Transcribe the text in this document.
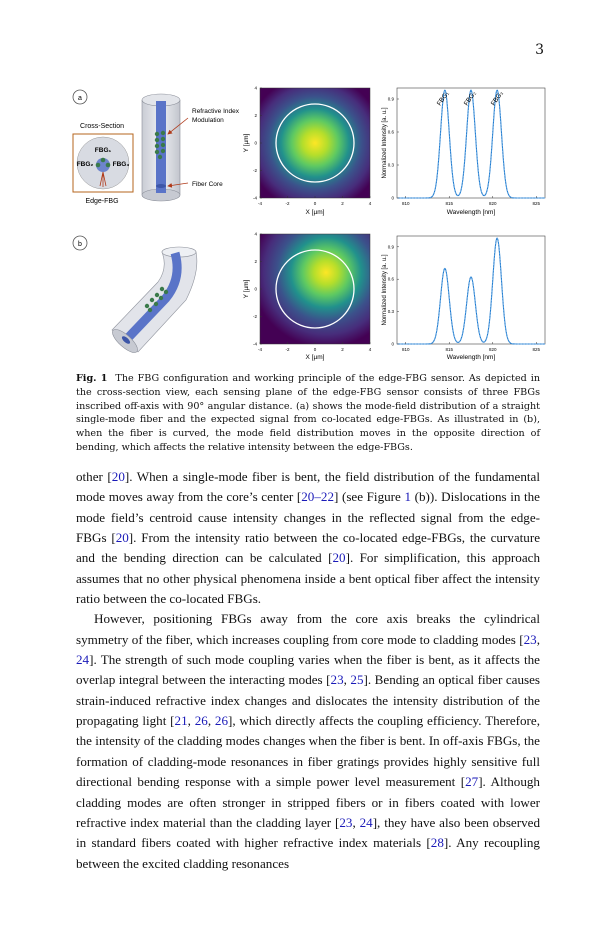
3
a
Cross-Section
FBG₁
FBG₂	FBG₃
Edge-FBG
Refractive Index
Modulation
Fiber Core
-4	-2	0	2	4
4
2
0
-2
-4
X [µm]
Y [µm]
810	815	820	825
0.9
0.6
0.3
0
Wavelength [nm]
Normalized Intensity [a. u.]
FBG₁ FBG₂ FBG₃
b
-4	-2	0	2	4
4
2
0
-2
-4
X [µm]
Y [µm]
810	815	820	825
0.9
0.6
0.3
0
Wavelength [nm]
Normalized Intensity [a. u.]
Fig. 1 The FBG configuration and working principle of the edge-FBG sensor. As depicted in the cross-section view, each sensing plane of the edge-FBG sensor consists of three FBGs inscribed off-axis with 90° angular distance. (a) shows the mode-field distribution of a straight single-mode fiber and the expected signal from co-located edge-FBGs. As illustrated in (b), when the fiber is curved, the mode field distribution moves in the opposite direction of bending, which affects the relative intensity between the edge-FBGs.

other [20]. When a single-mode fiber is bent, the field distribution of the fundamental mode moves away from the core’s center [20–22] (see Figure 1 (b)). Dislocations in the mode field’s centroid cause intensity changes in the reflected signal from the edge-FBGs [20]. From the intensity ratio between the co-located edge-FBGs, the curvature and the bending direction can be calculated [20]. For simplification, this approach assumes that no other physical phenomena inside a bent optical fiber affect the intensity ratio between the co-located FBGs.

However, positioning FBGs away from the core axis breaks the cylindrical symmetry of the fiber, which increases coupling from core mode to cladding modes [23, 24]. The strength of such mode coupling varies when the fiber is bent, as it affects the overlap integral between the interacting modes [23, 25]. Bending an optical fiber causes strain-induced refractive index changes and dislocates the intensity distribution of the propagating light [21, 26, 26], which directly affects the coupling efficiency. Therefore, the intensity of the cladding modes changes when the fiber is bent. In off-axis FBGs, the formation of cladding-mode resonances in fiber gratings provides highly sensitive full directional bending response with a simple power level measurement [27]. Although cladding modes are often stronger in stripped fibers or in fibers coated with lower refractive index material than the cladding layer [23, 24], they have also been observed in standard fibers coated with higher refractive index materials [28]. Any recoupling between the excited cladding resonances
